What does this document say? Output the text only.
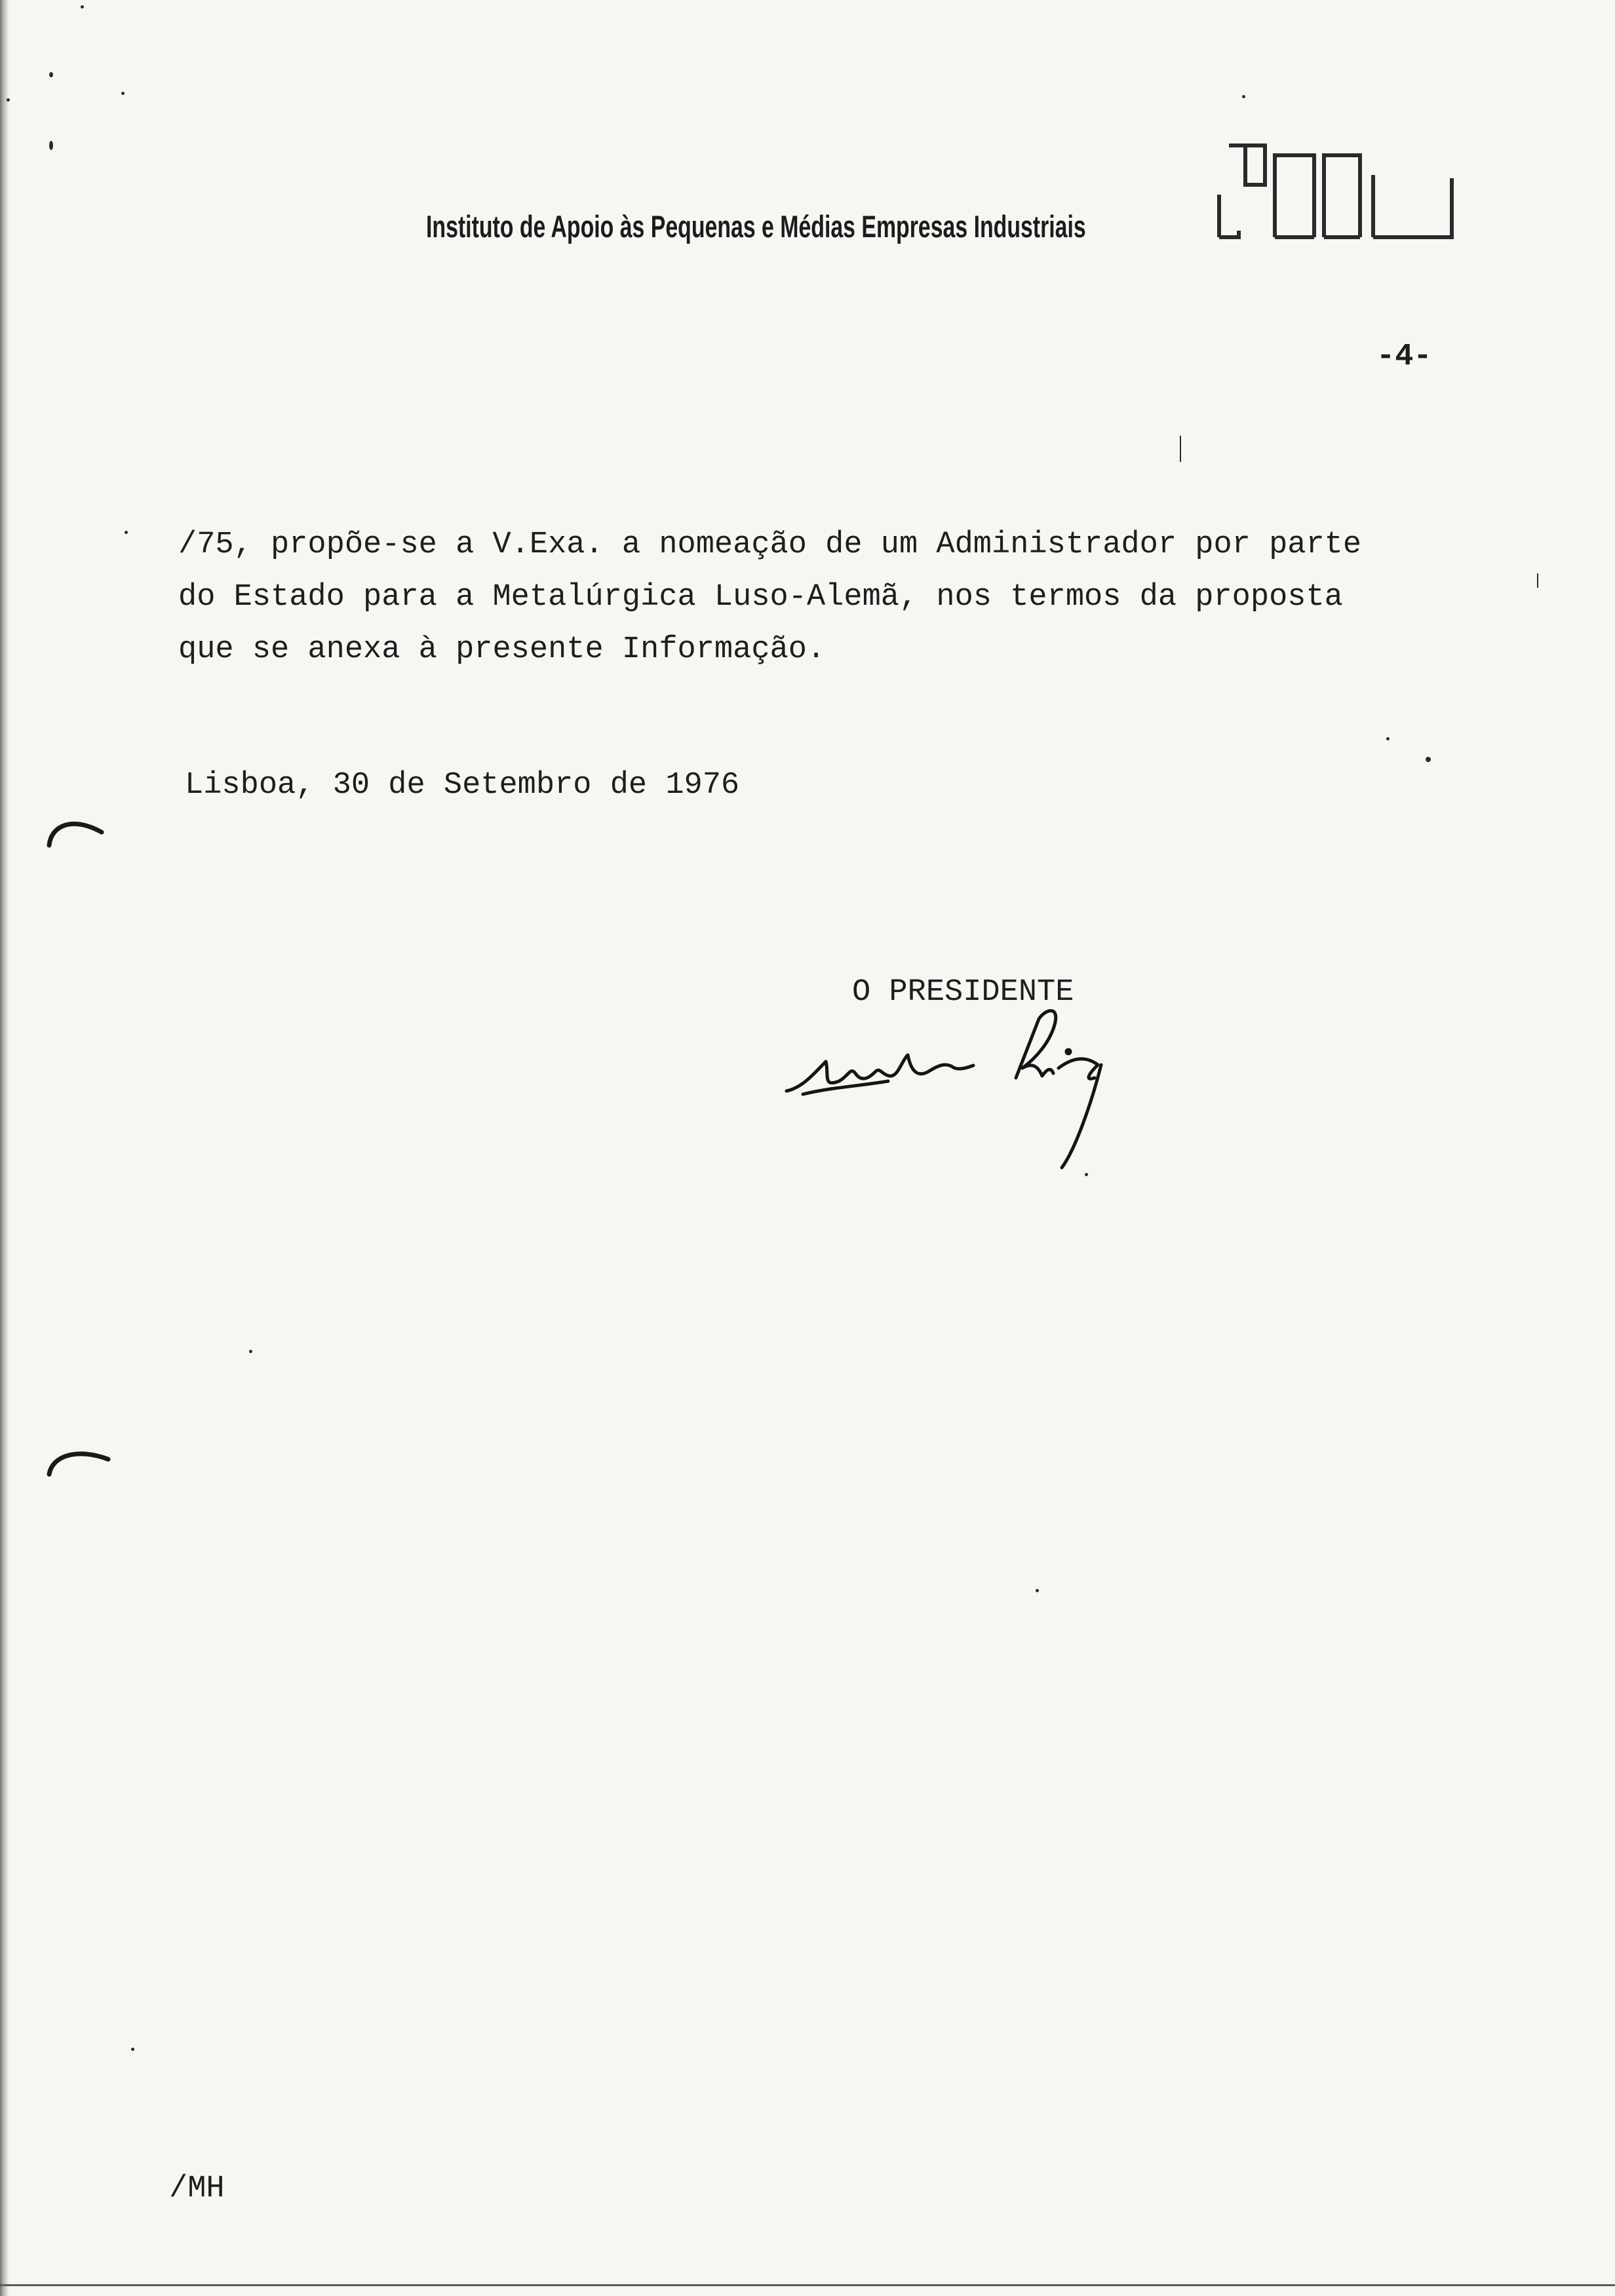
Instituto de Apoio às Pequenas e Médias Empresas Industriais
-4-
/75, propõe-se a V.Exa. a nomeação de um Administrador por parte
do Estado para a Metalúrgica Luso-Alemã, nos termos da proposta
que se anexa à presente Informação.
Lisboa, 30 de Setembro de 1976
O PRESIDENTE
/MH
